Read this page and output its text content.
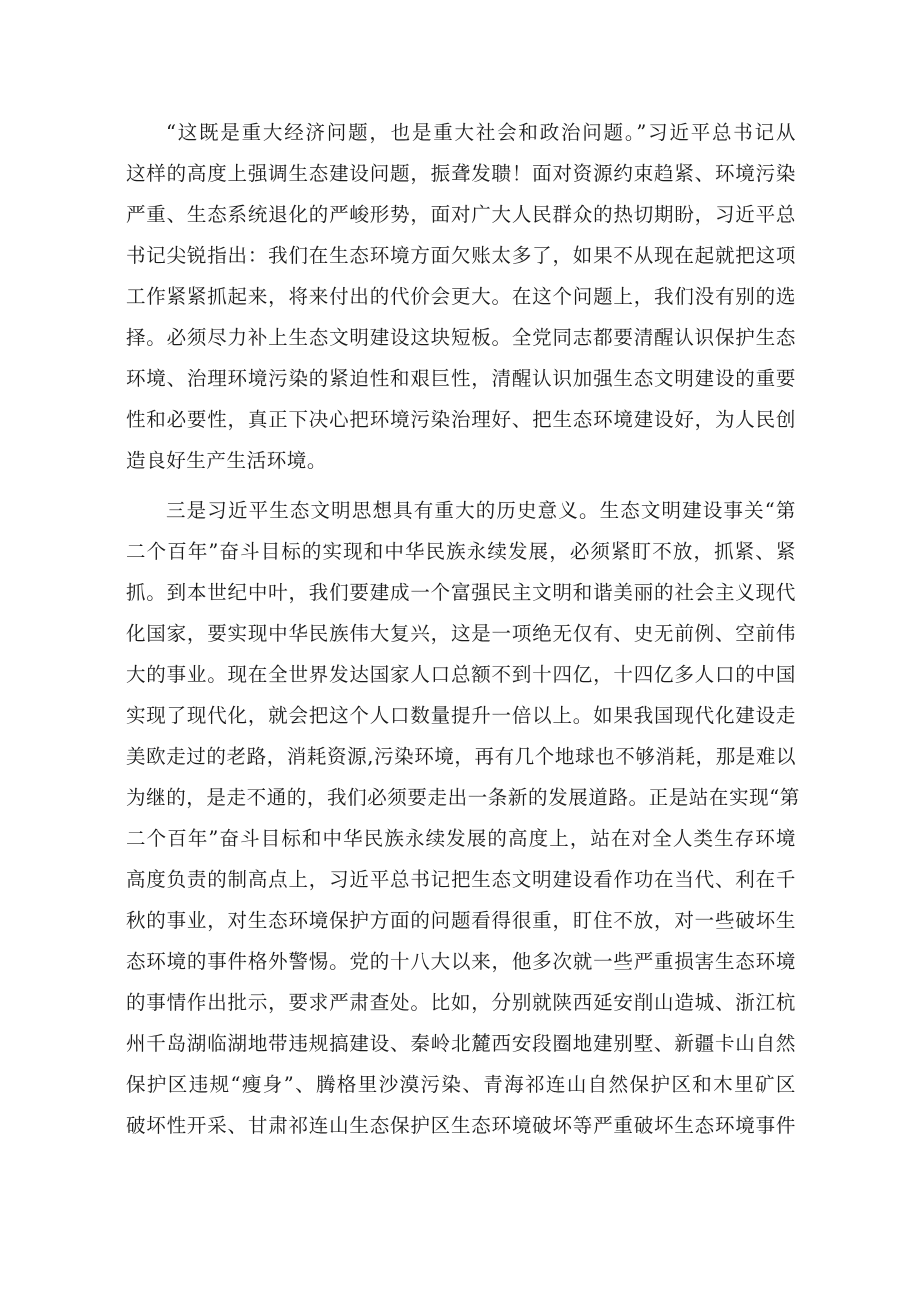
“这既是重大经济问题，也是重大社会和政治问题。”习近平总书记从
这样的高度上强调生态建设问题，振聋发聩！面对资源约束趋紧、环境污染
严重、生态系统退化的严峻形势，面对广大人民群众的热切期盼，习近平总
书记尖锐指出：我们在生态环境方面欠账太多了，如果不从现在起就把这项
工作紧紧抓起来，将来付出的代价会更大。在这个问题上，我们没有别的选
择。必须尽力补上生态文明建设这块短板。全党同志都要清醒认识保护生态
环境、治理环境污染的紧迫性和艰巨性，清醒认识加强生态文明建设的重要
性和必要性，真正下决心把环境污染治理好、把生态环境建设好，为人民创
造良好生产生活环境。

三是习近平生态文明思想具有重大的历史意义。生态文明建设事关“第
二个百年”奋斗目标的实现和中华民族永续发展，必须紧盯不放，抓紧、紧
抓。到本世纪中叶，我们要建成一个富强民主文明和谐美丽的社会主义现代
化国家，要实现中华民族伟大复兴，这是一项绝无仅有、史无前例、空前伟
大的事业。现在全世界发达国家人口总额不到十四亿，十四亿多人口的中国
实现了现代化，就会把这个人口数量提升一倍以上。如果我国现代化建设走
美欧走过的老路，消耗资源,污染环境，再有几个地球也不够消耗，那是难以
为继的，是走不通的，我们必须要走出一条新的发展道路。正是站在实现“第
二个百年”奋斗目标和中华民族永续发展的高度上，站在对全人类生存环境
高度负责的制高点上，习近平总书记把生态文明建设看作功在当代、利在千
秋的事业，对生态环境保护方面的问题看得很重，盯住不放，对一些破坏生
态环境的事件格外警惕。党的十八大以来，他多次就一些严重损害生态环境
的事情作出批示，要求严肃查处。比如，分别就陕西延安削山造城、浙江杭
州千岛湖临湖地带违规搞建设、秦岭北麓西安段圈地建别墅、新疆卡山自然
保护区违规“瘦身”、腾格里沙漠污染、青海祁连山自然保护区和木里矿区
破坏性开采、甘肃祁连山生态保护区生态环境破坏等严重破坏生态环境事件
